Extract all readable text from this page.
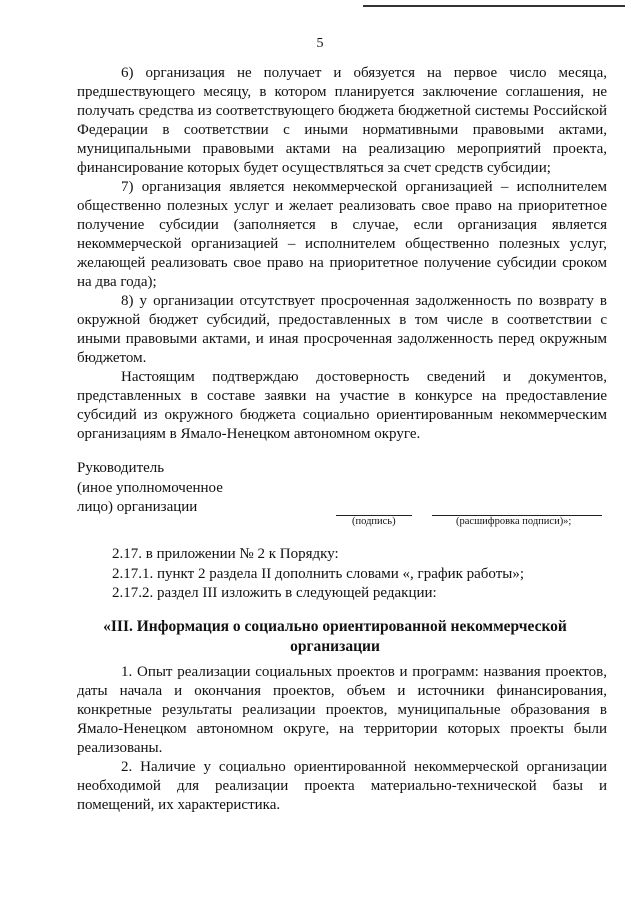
5

6) организация не получает и обязуется на первое число месяца, предшествующего месяцу, в котором планируется заключение соглашения, не получать средства из соответствующего бюджета бюджетной системы Российской Федерации в соответствии с иными нормативными правовыми актами, муниципальными правовыми актами на реализацию мероприятий проекта, финансирование которых будет осуществляться за счет средств субсидии;

7) организация является некоммерческой организацией – исполнителем общественно полезных услуг и желает реализовать свое право на приоритетное получение субсидии (заполняется в случае, если организация является некоммерческой организацией – исполнителем общественно полезных услуг, желающей реализовать свое право на приоритетное получение субсидии сроком на два года);

8) у организации отсутствует просроченная задолженность по возврату в окружной бюджет субсидий, предоставленных в том числе в соответствии с иными правовыми актами, и иная просроченная задолженность перед окружным бюджетом.

Настоящим подтверждаю достоверность сведений и документов, представленных в составе заявки на участие в конкурсе на предоставление субсидий из окружного бюджета социально ориентированным некоммерческим организациям в Ямало-Ненецком автономном округе.

Руководитель
(иное уполномоченное
лицо) организации
(подпись)	(расшифровка подписи)»;
2.17. в приложении № 2 к Порядку:
2.17.1. пункт 2 раздела II дополнить словами «, график работы»;
2.17.2. раздел III изложить в следующей редакции:
«III. Информация о социально ориентированной некоммерческой организации

1. Опыт реализации социальных проектов и программ: названия проектов, даты начала и окончания проектов, объем и источники финансирования, конкретные результаты реализации проектов, муниципальные образования в Ямало-Ненецком автономном округе, на территории которых проекты были реализованы.

2. Наличие у социально ориентированной некоммерческой организации необходимой для реализации проекта материально-технической базы и помещений, их характеристика.
